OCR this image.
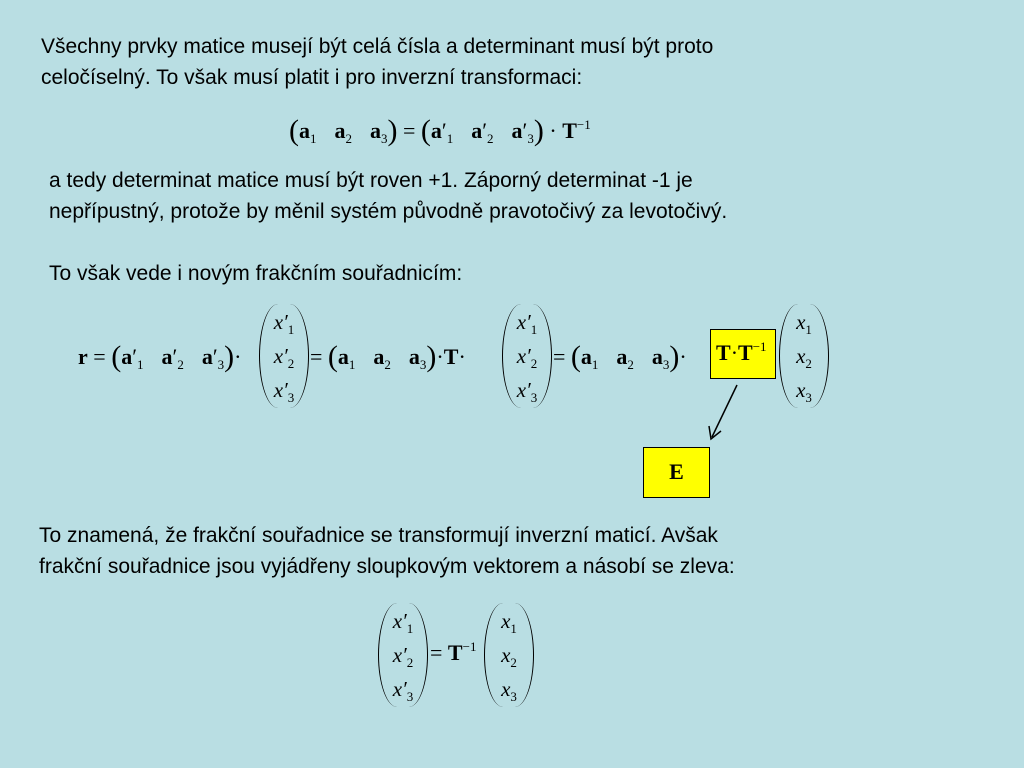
Všechny prvky matice musejí být celá čísla a determinant musí být proto

celočíselný. To však musí platit i pro inverzní transformaci:

($a_1$ $a_2$ $a_3) = (a'_1$ $a'_2$ $a'_3) \cdot T^{-1}$

a tedy determinat matice musí být roven +1. Záporný determinat -1 je

nepřípustný, protože by měnil systém původně pravotočivý za levotočivý.

To však vede i novým frakčním souřadnicím:

$r = (a'_1$ $a'_2$ $a'_3)\cdot$
$x'_1$
$x'_2$
$x'_3$
= ($a_1$ $a_2$ $a_3)\cdot T\cdot$
$x'_1$
$x'_2$
$x'_3$
= ($a_1$ $a_2$ $a_3)\cdot T\cdot T^{-1}$
$x_1$
$x_2$
$x_3$
E

To znamená, že frakční souřadnice se transformují inverzní maticí. Avšak

frakční souřadnice jsou vyjádřeny sloupkovým vektorem a násobí se zleva:

$x'_1$
$x'_2$
$x'_3$
= $T^{-1}$
$x_1$
$x_2$
$x_3$
